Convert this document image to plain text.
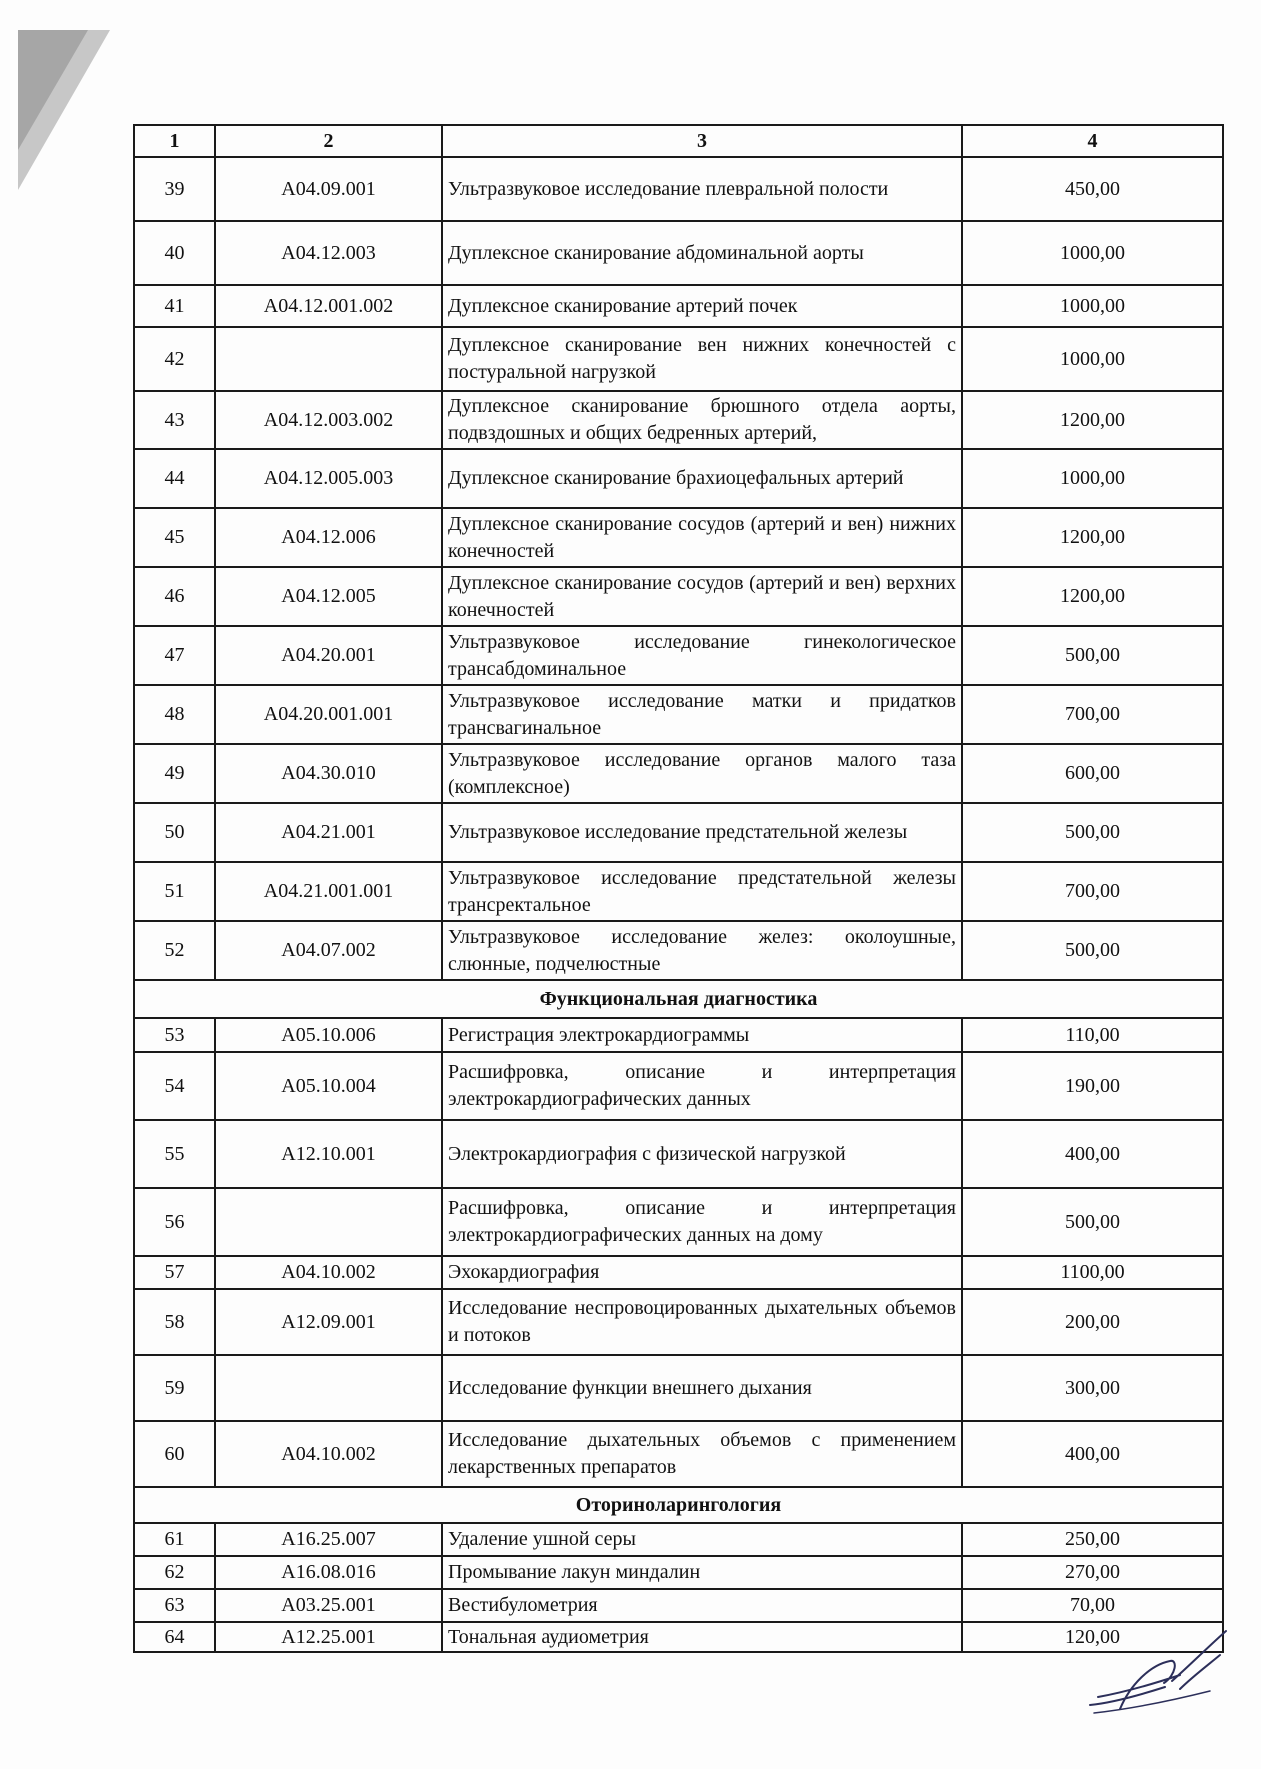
1	2	3	4
39	A04.09.001	Ультразвуковое исследование плевральной полости	450,00
40	A04.12.003	Дуплексное сканирование абдоминальной аорты	1000,00
41	A04.12.001.002	Дуплексное сканирование артерий почек	1000,00
42		Дуплексное сканирование вен нижних конечностей с постуральной нагрузкой	1000,00
43	A04.12.003.002	Дуплексное сканирование брюшного отдела аорты, подвздошных и общих бедренных артерий,	1200,00
44	A04.12.005.003	Дуплексное сканирование брахиоцефальных артерий	1000,00
45	A04.12.006	Дуплексное сканирование сосудов (артерий и вен) нижних конечностей	1200,00
46	A04.12.005	Дуплексное сканирование сосудов (артерий и вен) верхних конечностей	1200,00
47	A04.20.001	Ультразвуковое исследование гинекологическое трансабдоминальное	500,00
48	A04.20.001.001	Ультразвуковое исследование матки и придатков трансвагинальное	700,00
49	A04.30.010	Ультразвуковое исследование органов малого таза (комплексное)	600,00
50	A04.21.001	Ультразвуковое исследование предстательной железы	500,00
51	A04.21.001.001	Ультразвуковое исследование предстательной железы трансректальное	700,00
52	A04.07.002	Ультразвуковое исследование желез: околоушные, слюнные, подчелюстные	500,00
Функциональная диагностика			
53	A05.10.006	Регистрация электрокардиограммы	110,00
54	A05.10.004	Расшифровка, описание и интерпретация электрокардиографических данных	190,00
55	A12.10.001	Электрокардиография с физической нагрузкой	400,00
56		Расшифровка, описание и интерпретация электрокардиографических данных на дому	500,00
57	A04.10.002	Эхокардиография	1100,00
58	A12.09.001	Исследование неспровоцированных дыхательных объемов и потоков	200,00
59		Исследование функции внешнего дыхания	300,00
60	A04.10.002	Исследование дыхательных объемов с применением лекарственных препаратов	400,00
Оториноларингология			
61	A16.25.007	Удаление ушной серы	250,00
62	A16.08.016	Промывание лакун миндалин	270,00
63	A03.25.001	Вестибулометрия	70,00
64	A12.25.001	Тональная аудиометрия	120,00
